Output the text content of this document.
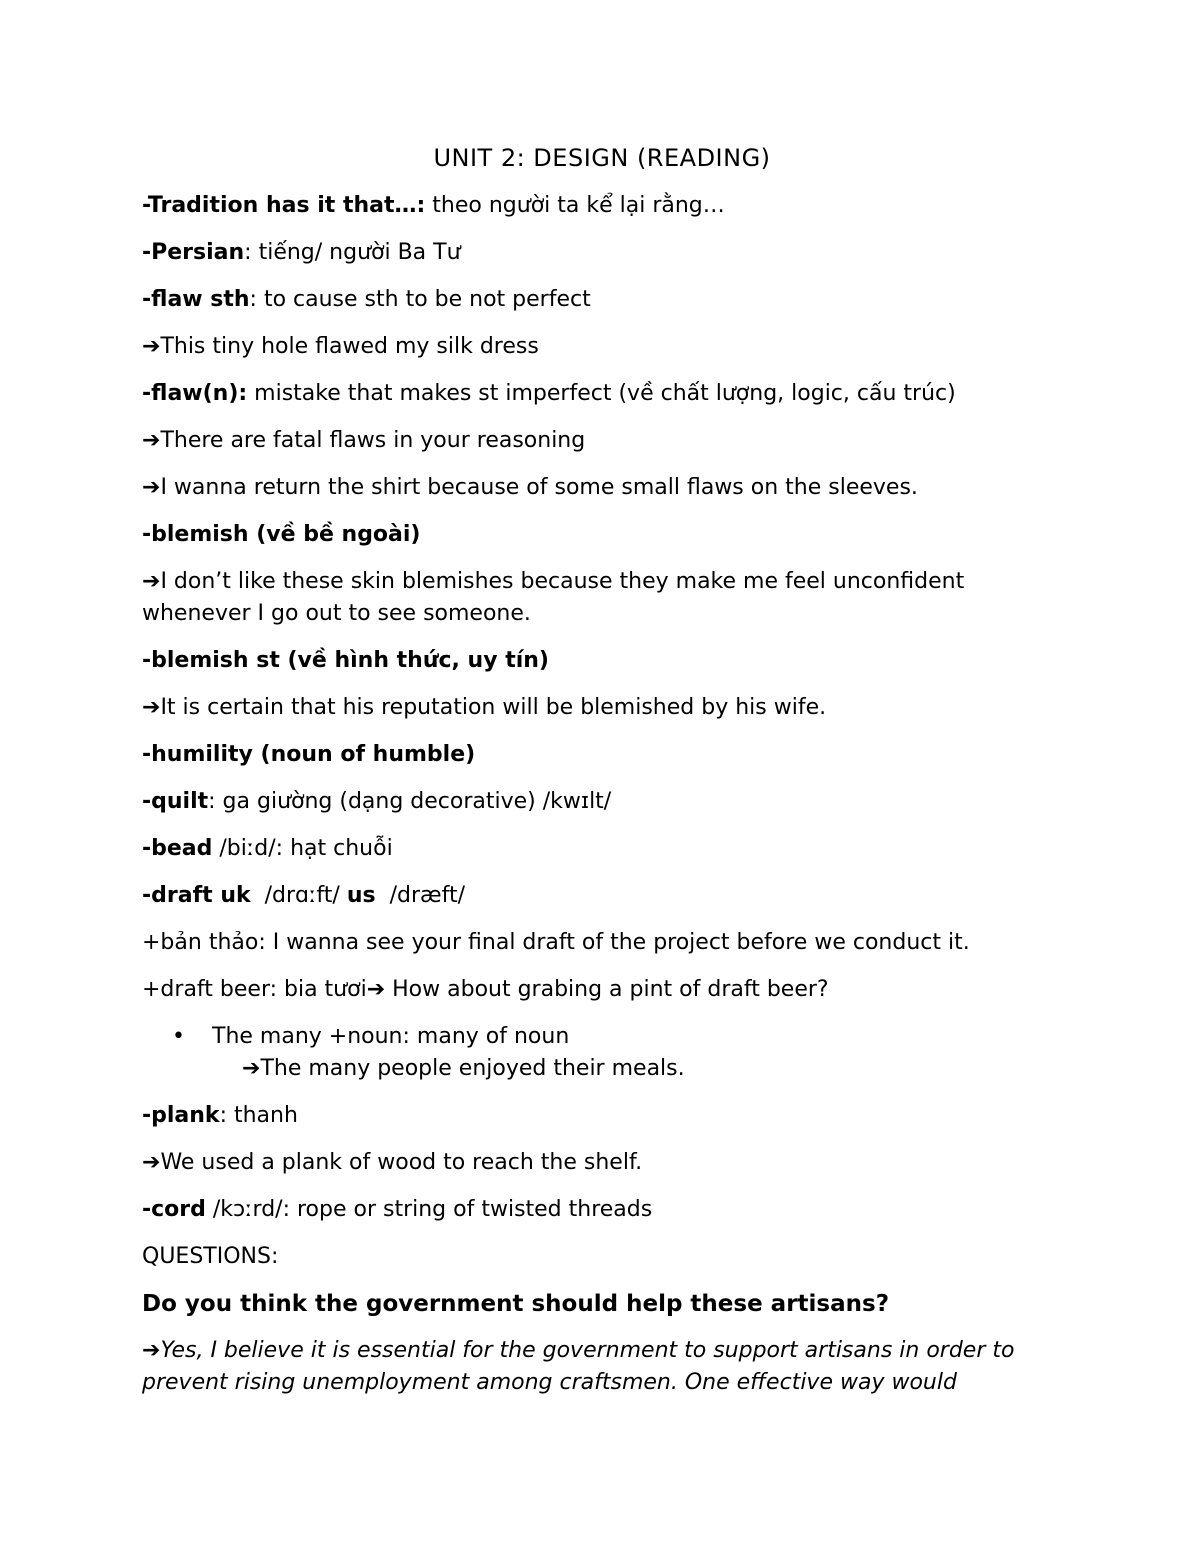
UNIT 2: DESIGN (READING)
-Tradition has it that…: theo người ta kể lại rằng…
-Persian: tiếng/ người Ba Tư
-flaw sth: to cause sth to be not perfect
➔This tiny hole flawed my silk dress
-flaw(n): mistake that makes st imperfect (về chất lượng, logic, cấu trúc)
➔There are fatal flaws in your reasoning
➔I wanna return the shirt because of some small flaws on the sleeves.
-blemish (về bề ngoài)
➔I don’t like these skin blemishes because they make me feel unconfident whenever I go out to see someone.
-blemish st (về hình thức, uy tín)
➔It is certain that his reputation will be blemished by his wife.
-humility (noun of humble)
-quilt: ga giường (dạng decorative) /kwɪlt/
-bead /biːd/: hạt chuỗi
-draft uk  /drɑːft/ us  /dræft/
+bản thảo: I wanna see your final draft of the project before we conduct it.
+draft beer: bia tươi➔ How about grabing a pint of draft beer?
•	The many +noun: many of noun
➔The many people enjoyed their meals.
-plank: thanh
➔We used a plank of wood to reach the shelf.
-cord /kɔːrd/: rope or string of twisted threads
QUESTIONS:
Do you think the government should help these artisans?
➔Yes, I believe it is essential for the government to support artisans in order to prevent rising unemployment among craftsmen. One effective way would
